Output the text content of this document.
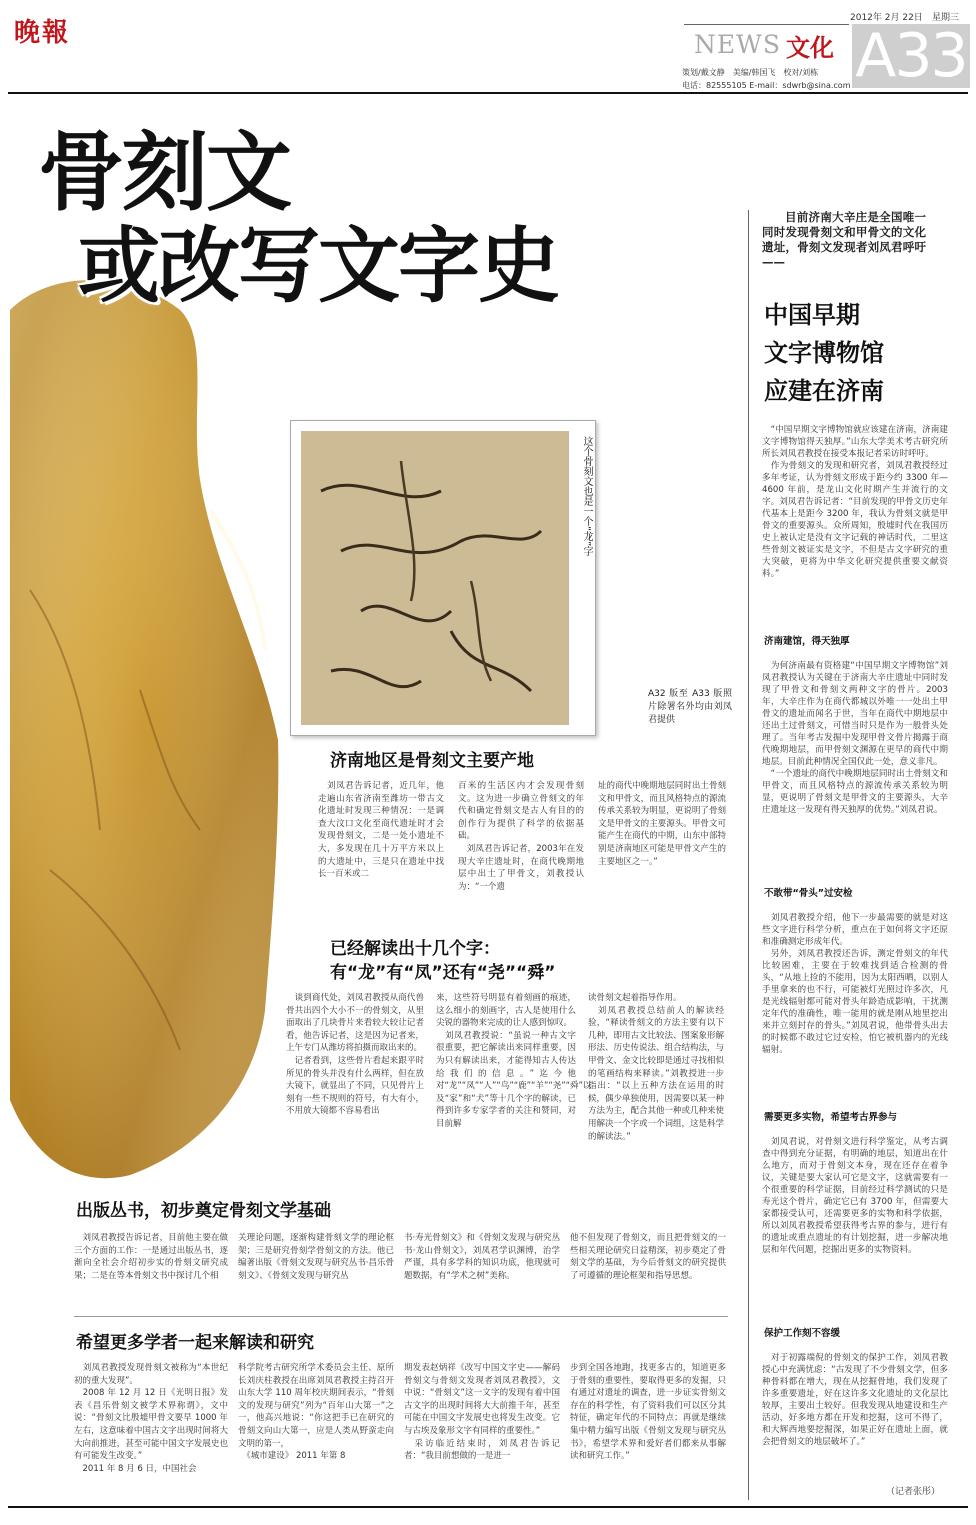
晚報	2012年 2月 22日 星期三
NEWS 文化 A33
策划/戴文静　美编/韩国飞　校对/刘栋
电话：82555105 E-mail：sdwrb@sina.com
骨刻文
或改写文字史
这个骨刻文也是一个“龙”字
A32 版至 A33 版照片除署名外均由刘凤君提供
济南地区是骨刻文主要产地
　刘凤君告诉记者，近几年，他走遍山东省济南至潍坊一带古文化遗址时发现三种情况：一是调查大汶口文化至商代遗址时才会发现骨刻文，二是一处小遗址不大，多发现在几十万平方米以上的大遗址中，三是只在遗址中找长一百米或二
百米的生活区内才会发现骨刻文。这为进一步确立骨刻文的年代和确定骨刻文是古人有目的的创作行为提供了科学的依据基础。
　刘凤君告诉记者，2003年在发现大辛庄遗址时，在商代晚期地层中出土了甲骨文，刘教授认为：“一个遗
址的商代中晚期地层同时出土骨刻文和甲骨文，而且风格特点的源流传承关系较为明显，更说明了骨刻文是甲骨文的主要源头。甲骨文可能产生在商代的中期，山东中部特别是济南地区可能是甲骨文产生的主要地区之一。”
已经解读出十几个字：
有“龙”有“凤”还有“尧”“舜”
　谈到商代处，刘凤君教授从商代兽骨共出四个大小不一的骨刻文，从里面取出了几块骨片来看较大较让记者看，他告诉记者，这是因为记者来，上午专门从潍坊将拍摄而取出来的。
　记者看到，这些骨片看起来跟平时所见的骨头并没有什么两样，但在放大镜下，就显出了不同，只见骨片上刻有一些不规则的符号，有大有小，不用放大镜都不容易看出
来，这些符号明显有着刻画的痕迹，这么细小的刻画字，古人是使用什么尖锐的器物来完成的让人感到惊叹。
　刘凤君教授说：“虽说一种古文字很重要，把它解读出来同样重要，因为只有解读出来，才能得知古人传达给我们的信息。”迄今他对“龙”“凤”“人”“鸟”“鹿”“羊”“尧”“舜”以及“家”和“犬”等十几个字的解读，已得到许多专家学者的关注和赞同，对目前解
读骨刻文起着指导作用。
　刘凤君教授总结前人的解读经验，“释读骨刻文的方法主要有以下几种，即用古文比较法、图案象形解形法、历史传说法、组合结构法，与甲骨文、金文比较即是通过寻找相似的笔画结构来释读。”刘教授进一步指出：“以上五种方法在运用的时候，偶少单独使用，因需要以某一种方法为主，配合其他一种或几种来使用解决一个字或一个词组，这是科学的解读法。”
出版丛书，初步奠定骨刻文学基础
　刘凤君教授告诉记者，目前他主要在做三个方面的工作：一是通过出版丛书，逐渐向全社会介绍初步实的骨刻文研究成果；二是在等本骨刻文书中探讨几个相
关理论问题，逐渐构建骨刻文学的理论框架；三是研究骨刻学骨刻文的方法。他已编著出版《骨刻文发现与研究丛书·昌乐骨刻文》、《骨刻文发现与研究丛
书·寿光骨刻文》和《骨刻文发现与研究丛书·龙山骨刻文》，刘凤君学识渊博，治学严谨，具有多学科的知识功底，他现就可题数据，有“学术之树”美称。
他不但发现了骨刻文，而且把骨刻文的一些相关理论研究日益精深，初步奠定了骨刻文学的基础，为今后骨刻文的研究提供了可遵循的理论框架和指导思想。
希望更多学者一起来解读和研究
　刘凤君教授发现骨刻文被称为“本世纪初的重大发现”。
　2008 年 12 月 12 日《光明日报》发表《昌乐骨刻文被学术界称谓》，文中说：“骨刻文比殷墟甲骨文要早 1000 年左右，这意味着中国古文字出现时间将大大向前推进，甚至可能中国文字发展史也有可能发生改变。”
　2011 年 8 月 6 日，中国社会
科学院考古研究所学术委员会主任、原所长刘庆柱教授在出席刘凤君教授主持召开山东大学 110 周年校庆期间表示，“骨刻文的发现与研究”列为“百年山大第一”之一，他高兴地说：“你这把手已在研究的骨刻文向山大第一，应是人类从野蛮走向文明的第一，
　《城市建设》 2011 年第 8
期发表赵炳祥《改写中国文字史——解码骨刻文与骨刻文发现者刘凤君教授》，文中说：“骨刻文”这一文字的发现有着中国古文字的出现时间将大大前推千年，甚至可能在中国文字发展史也将发生改变。它与古埃及象形文字有同样的重要性。”
　采访临近结束时，刘凤君告诉记者：“我目前想做的一是进一
步到全国各地跑，找更多古的，知道更多于骨刻的重要性，要取得更多的发掘，只有通过对遗址的调查，进一步证实骨刻文存在的科学性，有了资料我们可以区分其特征，确定年代的不同特点；再就是继续集中精力编写出版《骨刻文发现与研究丛书》，希望学术界和爱好者们都来从事解读和研究工作。”
目前济南大辛庄是全国唯一同时发现骨刻文和甲骨文的文化遗址，骨刻文发现者刘凤君呼吁——
中国早期
文字博物馆
应建在济南
　“中国早期文字博物馆就应该建在济南，济南建文字博物馆得天独厚。”山东大学美术考古研究所所长刘凤君教授在接受本报记者采访时呼吁。
　作为骨刻文的发现和研究者，刘凤君教授经过多年考证，认为骨刻文形成于距今约 3300 年—4600 年前，是龙山文化时期产生并流行的文字。刘凤君告诉记者：“目前发现的甲骨文历史年代基本上是距今 3200 年，我认为骨刻文就是甲骨文的重要源头。众所周知，殷墟时代在我国历史上被认定是没有文字记载的神话时代，二里这些骨刻文被证实是文字，不但是古文字研究的重大突破，更将为中华文化研究提供重要文献资料。”
济南建馆，得天独厚
　为何济南最有资格建“中国早期文字博物馆”刘凤君教授认为关键在于济南大辛庄遗址中同时发现了甲骨文和骨刻文两种文字的骨片。2003 年，大辛庄作为在商代都城以外唯一一处出土甲骨文的遗址而闻名于世，当年在商代中期地层中还出土过骨刻文，可惜当时只是作为一般骨头处理了。当年考古发掘中发现甲骨文骨片揭露于商代晚期地层，而甲骨刻文渊源在更早的商代中期地层。目前此种情况全国仅此一处，意义非凡。
　“一个遗址的商代中晚期地层同时出土骨刻文和甲骨文，而且风格特点的源流传承关系较为明显，更说明了骨刻文是甲骨文的主要源头，大辛庄遗址这一发现有得天独厚的优势。”刘凤君说。
不敢带“骨头”过安检
　刘凤君教授介绍，他下一步最需要的就是对这些文字进行科学分析，重点在于如何将文字还原和准确测定形成年代。
　另外，刘凤君教授还告诉，测定骨刻文的年代比较困难，主要在于较难找到适合检测的骨头，“从地上捡的不能用，因为太阳西晒，以别人手里拿来的也不行，可能被灯光照过许多次，凡是光线辐射都可能对骨头年龄造成影响，干扰测定年代的准确性，唯一能用的就是刚从地里挖出来并立刻封存的骨头。”刘凤君说，他带骨头出去的时候都不敢过它过安检，怕它被机器内的光线辐射。
需要更多实物，希望考古界参与
　刘凤君说，对骨刻文进行科学鉴定，从考古调查中得到充分证据，有明确的地层，知道出在什么地方，而对于骨刻文本身，现在还存在着争议，关键是要大家认可它是文字，这就需要有一个很重要的科学证据，目前经过科学测试的只是寿光这个骨片，确定它已有 3700 年，但需要大家都接受认可，还需要更多的实物和科学依据，所以刘凤君教授希望获得考古界的参与，进行有的遗址或重点遗址的有计划挖掘，进一步解决地层和年代问题，挖掘出更多的实物资料。
保护工作刻不容缓
　对于初露端倪的骨刻文的保护工作，刘凤君教授心中充满忧虑：“古发现了不少骨刻文学，但多种骨料都在增大，现在从挖掘骨地，我们发现了许多重要遗址，好在这许多文化遗址的文化层比较厚，主要出土较好。但我发现从地建设和生产活动，好多地方都在开发和挖掘，这可不得了，和大辉西地要挖掘深，如果正好在遗址上面，就会把骨刻文的地层破坏了。”
（记者张彤）
